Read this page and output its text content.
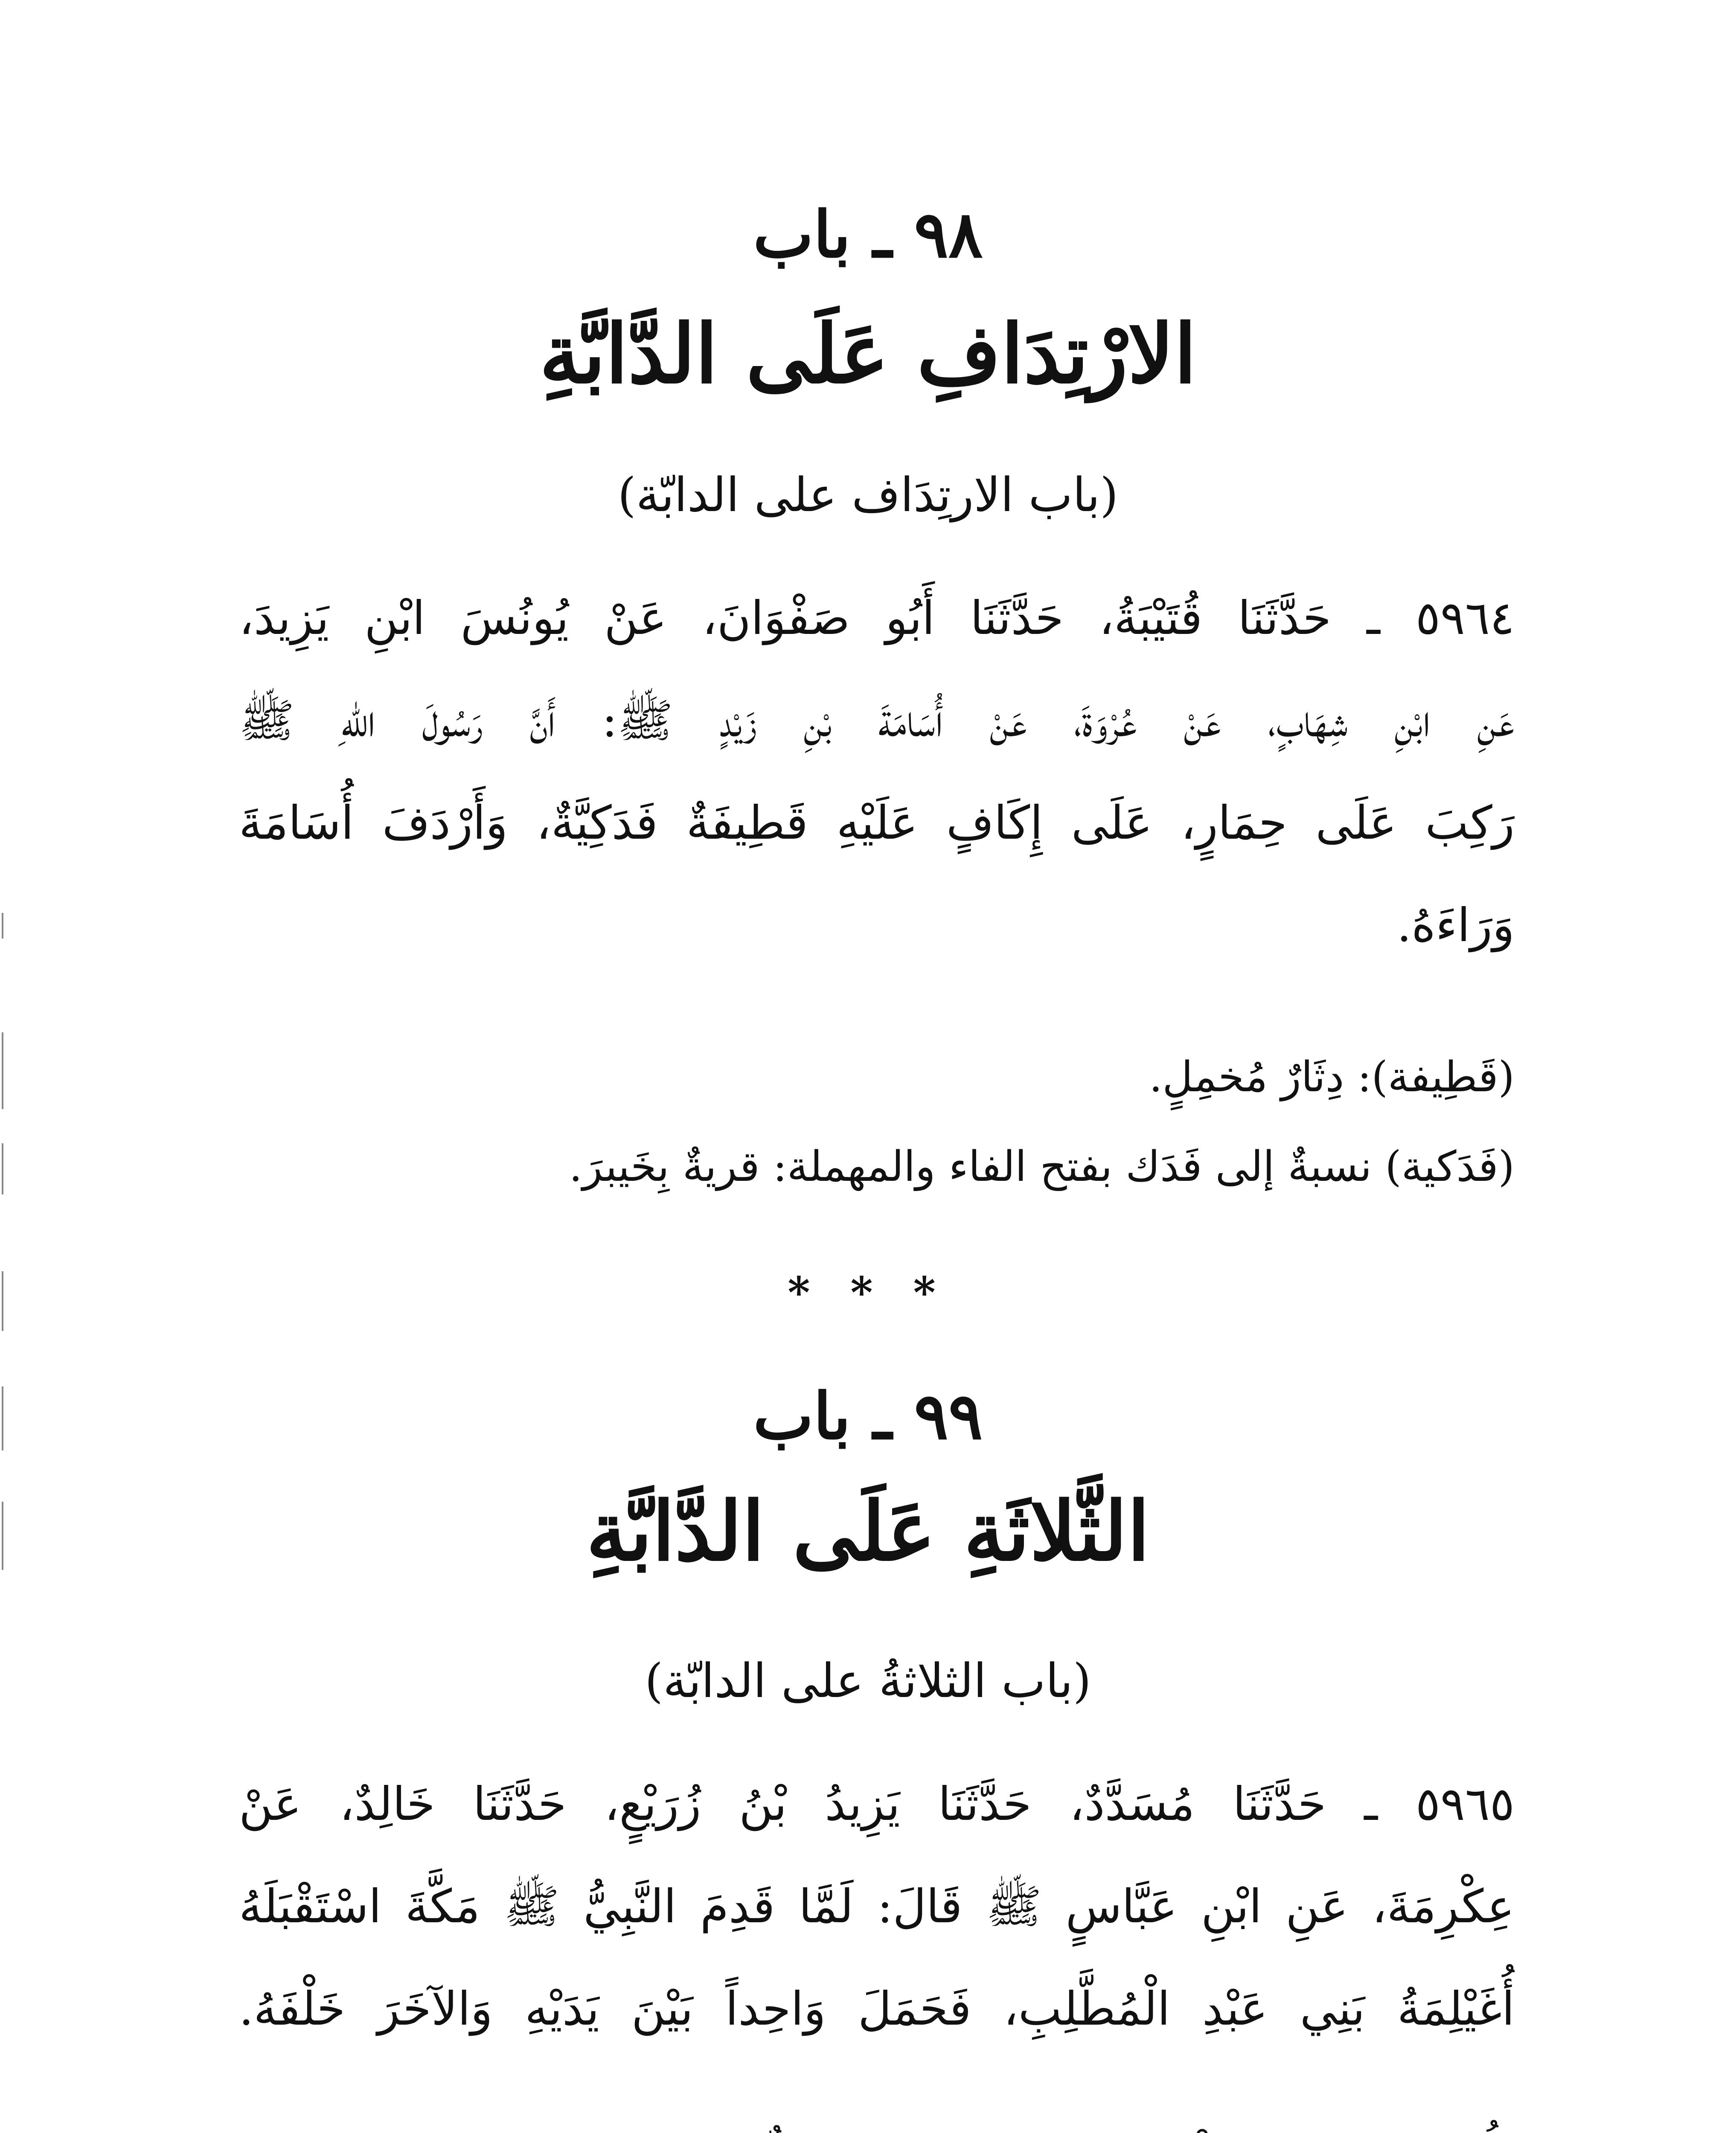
٩٨ ـ باب
الارْتِدَافِ عَلَى الدَّابَّةِ
(باب الارتِدَاف على الدابّة)
٥٩٦٤ ـ حَدَّثَنَا قُتَيْبَةُ، حَدَّثَنَا أَبُو صَفْوَانَ، عَنْ يُونُسَ ابْنِ يَزِيدَ،
عَنِ ابْنِ شِهَابٍ، عَنْ عُرْوَةَ، عَنْ أُسَامَةَ بْنِ زَيْدٍ ﷺ: أَنَّ رَسُولَ اللهِ ﷺ
رَكِبَ عَلَى حِمَارٍ، عَلَى إِكَافٍ عَلَيْهِ قَطِيفَةٌ فَدَكِيَّةٌ، وَأَرْدَفَ أُسَامَةَ
وَرَاءَهُ.
(قَطِيفة): دِثَارٌ مُخمِلٍ.
(فَدَكية) نسبةٌ إلى فَدَك بفتح الفاء والمهملة: قريةٌ بِخَيبرَ.
* * *
٩٩ ـ باب
الثَّلاثَةِ عَلَى الدَّابَّةِ
(باب الثلاثةُ على الدابّة)
٥٩٦٥ ـ حَدَّثَنَا مُسَدَّدٌ، حَدَّثَنَا يَزِيدُ بْنُ زُرَيْعٍ، حَدَّثَنَا خَالِدٌ، عَنْ
عِكْرِمَةَ، عَنِ ابْنِ عَبَّاسٍ ﷺ قَالَ: لَمَّا قَدِمَ النَّبِيُّ ﷺ مَكَّةَ اسْتَقْبَلَهُ
أُغَيْلِمَةُ بَنِي عَبْدِ الْمُطَّلِبِ، فَحَمَلَ وَاحِداً بَيْنَ يَدَيْهِ وَالآخَرَ خَلْفَهُ.
